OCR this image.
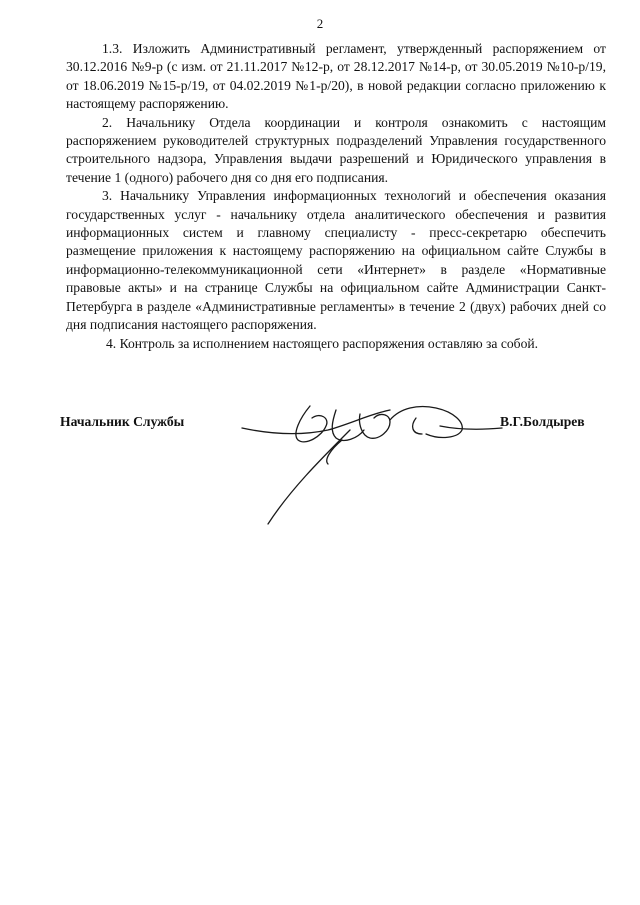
2

1.3. Изложить Административный регламент, утвержденный распоряжением от 30.12.2016 №9-р (с изм. от 21.11.2017 №12-р, от 28.12.2017 №14-р, от 30.05.2019 №10-р/19, от 18.06.2019 №15-р/19, от 04.02.2019 №1-р/20), в новой редакции согласно приложению к настоящему распоряжению.

2. Начальнику Отдела координации и контроля ознакомить с настоящим распоряжением руководителей структурных подразделений Управления государственного строительного надзора, Управления выдачи разрешений и Юридического управления в течение 1 (одного) рабочего дня со дня его подписания.

3. Начальнику Управления информационных технологий и обеспечения оказания государственных услуг - начальнику отдела аналитического обеспечения и развития информационных систем и главному специалисту - пресс-секретарю обеспечить размещение приложения к настоящему распоряжению на официальном сайте Службы в информационно-телекоммуникационной сети «Интернет» в разделе «Нормативные правовые акты» и на странице Службы на официальном сайте Администрации Санкт-Петербурга в разделе «Административные регламенты» в течение 2 (двух) рабочих дней со дня подписания настоящего распоряжения.

4. Контроль за исполнением настоящего распоряжения оставляю за собой.

Начальник Службы	В.Г.Болдырев
